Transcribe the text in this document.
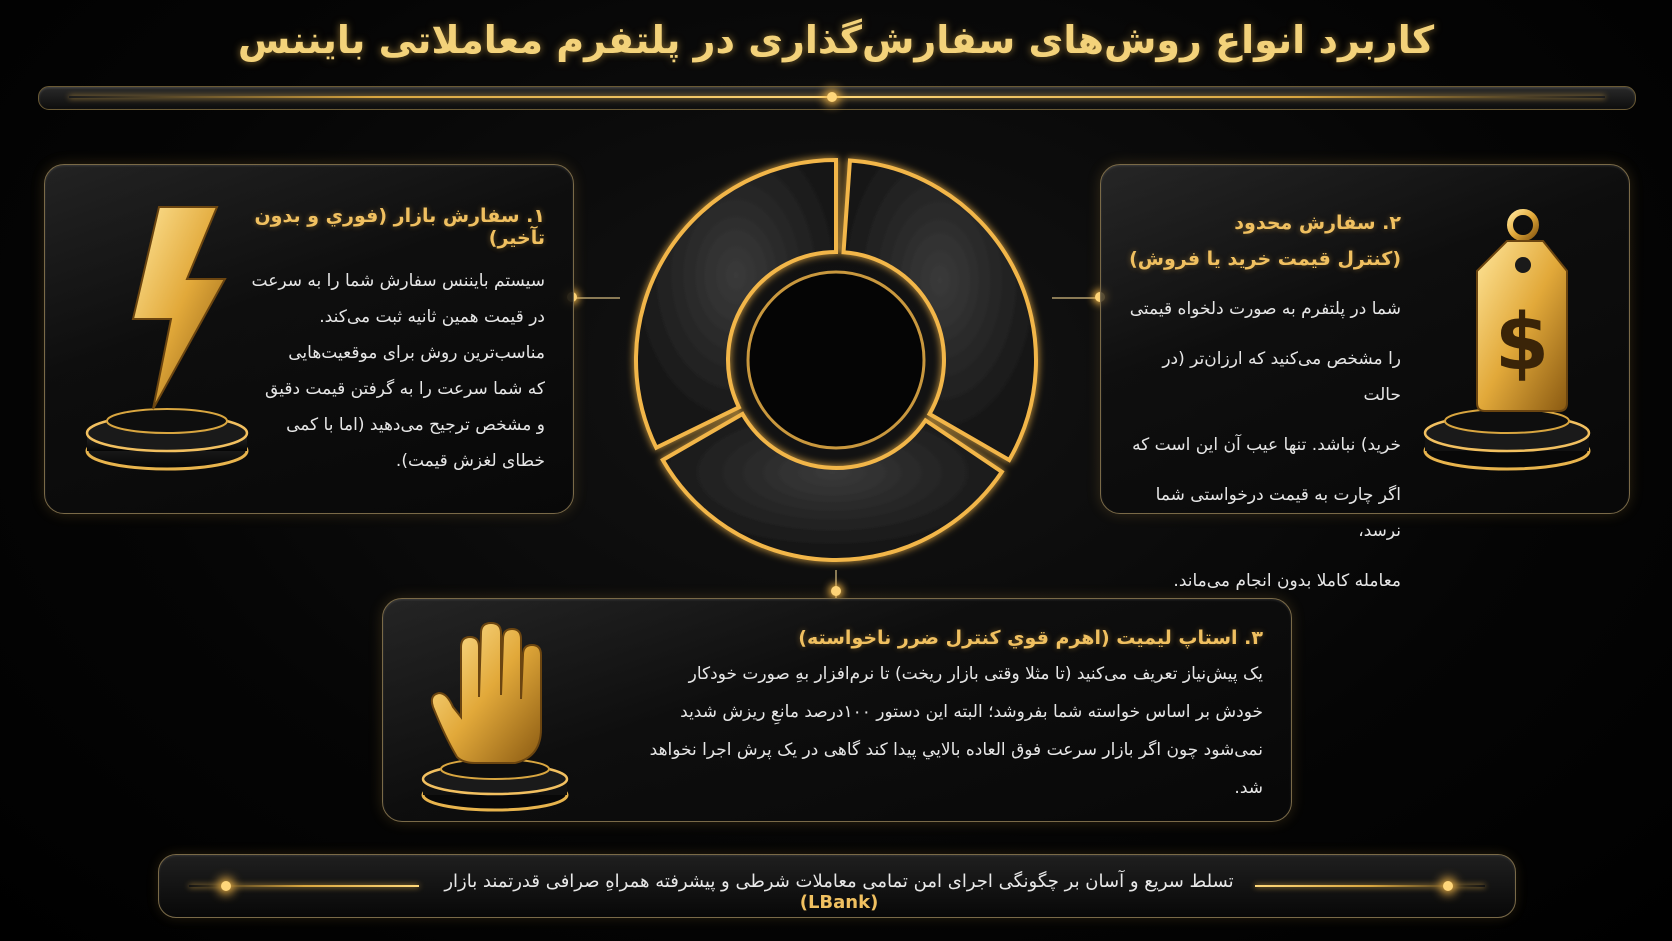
کاربرد انواع روش‌های سفارش‌گذاری در پلتفرم معاملاتی بایننس
۱. سفارش بازار (فوري و بدون تآخير)

سیستم بایننس سفارش شما را به سرعت

در قیمت همین ثانیه ثبت می‌کند.

مناسب‌ترین روش برای موقعیت‌هایی

که شما سرعت را به گرفتن قیمت دقیق

و مشخص ترجیح می‌دهید (اما با کمی

خطای لغزش قیمت).

۲. سفارش محدود
(کنترل قیمت خرید یا فروش)

شما در پلتفرم به صورت دلخواه قیمتی

را مشخص می‌کنید که ارزان‌تر (در حالت

خرید) نباشد. تنها عیب آن این است که

اگر چارت به قیمت درخواستی شما نرسد،

معامله کاملا بدون انجام می‌ماند.

$
۳. استاپ لیمیت (اهرم قوي کنترل ضرر ناخواسته)

یک پیش‌نیاز تعریف می‌کنید (تا مثلا وقتی بازار ریخت) تا نرم‌افزار بهِ صورت خودکار

خودش بر اساس خواسته شما بفروشد؛ البته این دستور ۱۰۰درصد مانعِ ریزش شدید

نمی‌شود چون اگر بازار سرعت فوق العاده بالايي پیدا کند گاهی در یک پرش اجرا نخواهد شد.

تسلط سریع و آسان بر چگونگی اجرای امن تمامی معاملات شرطی و پیشرفته همراهِ صرافی قدرتمند بازار (LBank)
